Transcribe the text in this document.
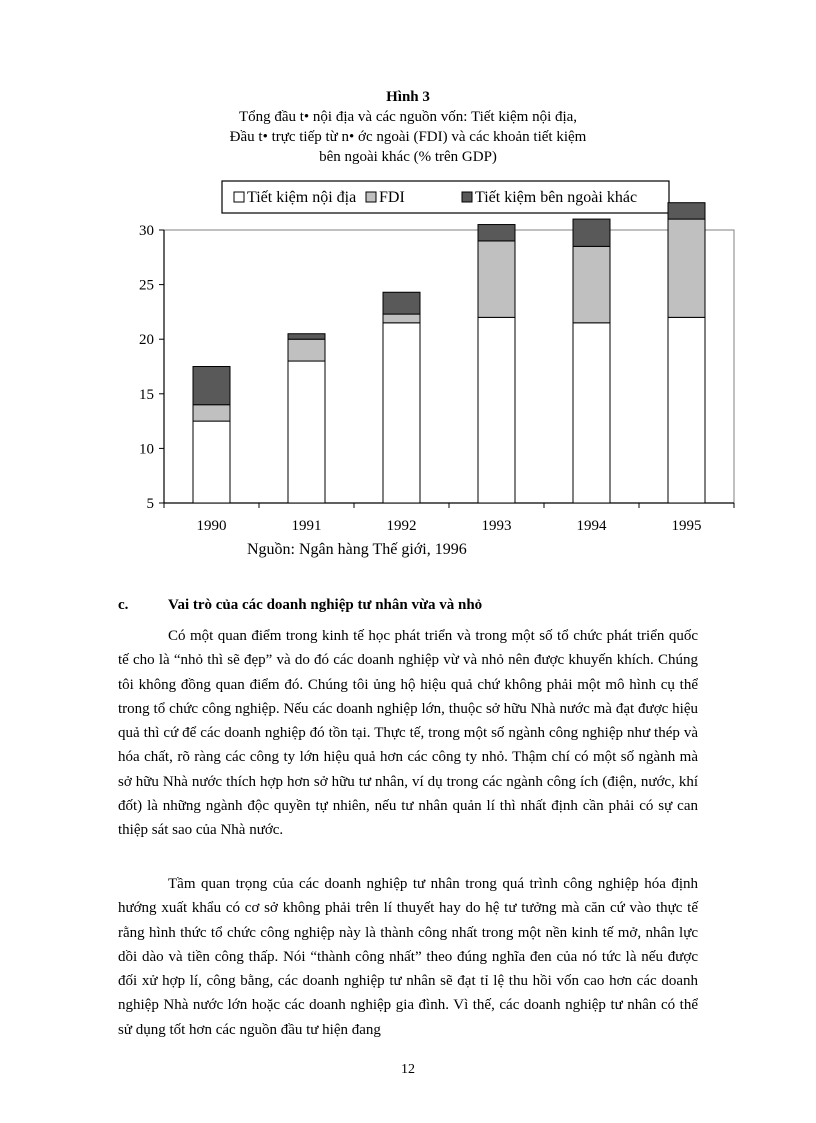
Hình 3
Tổng đầu t• nội địa và các nguồn vốn: Tiết kiệm nội địa,
Đầu t• trực tiếp từ n• ớc ngoài (FDI) và các khoản tiết kiệm
bên ngoài khác (% trên GDP)
Tiết kiệm nội địa FDI	Tiết kiệm bên ngoài khác
5
10
15
20
25
30
1990	1991	1992	1993	1994	1995
Nguồn: Ngân hàng Thế giới, 1996
c.	Vai trò của các doanh nghiệp tư nhân vừa và nhỏ

Có một quan điểm trong kinh tế học phát triển và trong một số tổ chức phát triển quốc tế cho là “nhỏ thì sẽ đẹp” và do đó các doanh nghiệp vừ và nhỏ nên được khuyến khích. Chúng tôi không đồng quan điểm đó. Chúng tôi ủng hộ hiệu quả chứ không phải một mô hình cụ thể trong tổ chức công nghiệp. Nếu các doanh nghiệp lớn, thuộc sở hữu Nhà nước mà đạt được hiệu quả thì cứ để các doanh nghiệp đó tồn tại. Thực tế, trong một số ngành công nghiệp như thép và hóa chất, rõ ràng các công ty lớn hiệu quả hơn các công ty nhỏ. Thậm chí có một số ngành mà sở hữu Nhà nước thích hợp hơn sở hữu tư nhân, ví dụ trong các ngành công ích (điện, nước, khí đốt) là những ngành độc quyền tự nhiên, nếu tư nhân quản lí thì nhất định cần phải có sự can thiệp sát sao của Nhà nước.

Tầm quan trọng của các doanh nghiệp tư nhân trong quá trình công nghiệp hóa định hướng xuất khẩu có cơ sở không phải trên lí thuyết hay do hệ tư tưởng mà căn cứ vào thực tế rằng hình thức tổ chức công nghiệp này là thành công nhất trong một nền kinh tế mở, nhân lực dồi dào và tiền công thấp. Nói “thành công nhất” theo đúng nghĩa đen của nó tức là nếu được đối xử hợp lí, công bằng, các doanh nghiệp tư nhân sẽ đạt tỉ lệ thu hồi vốn cao hơn các doanh nghiệp Nhà nước lớn hoặc các doanh nghiệp gia đình. Vì thế, các doanh nghiệp tư nhân có thể sử dụng tốt hơn các nguồn đầu tư hiện đang

12
